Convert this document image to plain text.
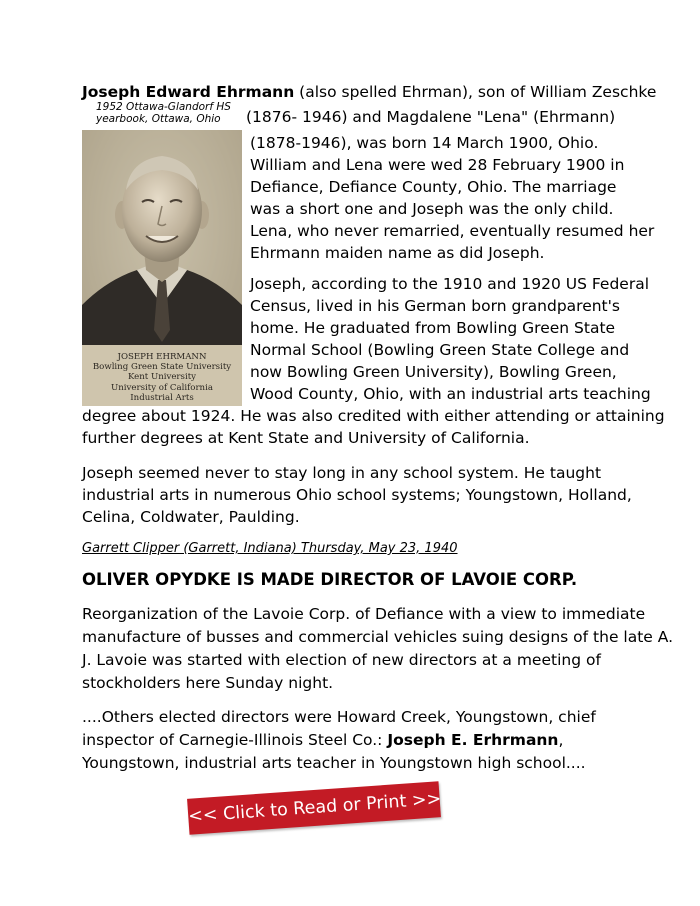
Joseph Edward Ehrmann (also spelled Ehrman), son of William Zeschke
1952 Ottawa-Glandorf HS
yearbook, Ottawa, Ohio	(1876- 1946) and Magdalene "Lena" (Ehrmann)
(1878-1946), was born 14 March 1900, Ohio.
William and Lena were wed 28 February 1900 in
Defiance, Defiance County, Ohio. The marriage
was a short one and Joseph was the only child.
Lena, who never remarried, eventually resumed her
Ehrmann maiden name as did Joseph.
JOSEPH EHRMANN
Bowling Green State University
Kent University
University of California
Industrial Arts
Joseph, according to the 1910 and 1920 US Federal
Census, lived in his German born grandparent's
home. He graduated from Bowling Green State
Normal School (Bowling Green State College and
now Bowling Green University), Bowling Green,
Wood County, Ohio, with an industrial arts teaching
degree about 1924. He was also credited with either attending or attaining
further degrees at Kent State and University of California.
Joseph seemed never to stay long in any school system. He taught
industrial arts in numerous Ohio school systems; Youngstown, Holland,
Celina, Coldwater, Paulding.
Garrett Clipper (Garrett, Indiana) Thursday, May 23, 1940
OLIVER OPYDKE IS MADE DIRECTOR OF LAVOIE CORP.
Reorganization of the Lavoie Corp. of Defiance with a view to immediate
manufacture of busses and commercial vehicles suing designs of the late A.
J. Lavoie was started with election of new directors at a meeting of
stockholders here Sunday night.
....Others elected directors were Howard Creek, Youngstown, chief
inspector of Carnegie-Illinois Steel Co.: Joseph E. Erhrmann,
Youngstown, industrial arts teacher in Youngstown high school....
<< Click to Read or Print >>
